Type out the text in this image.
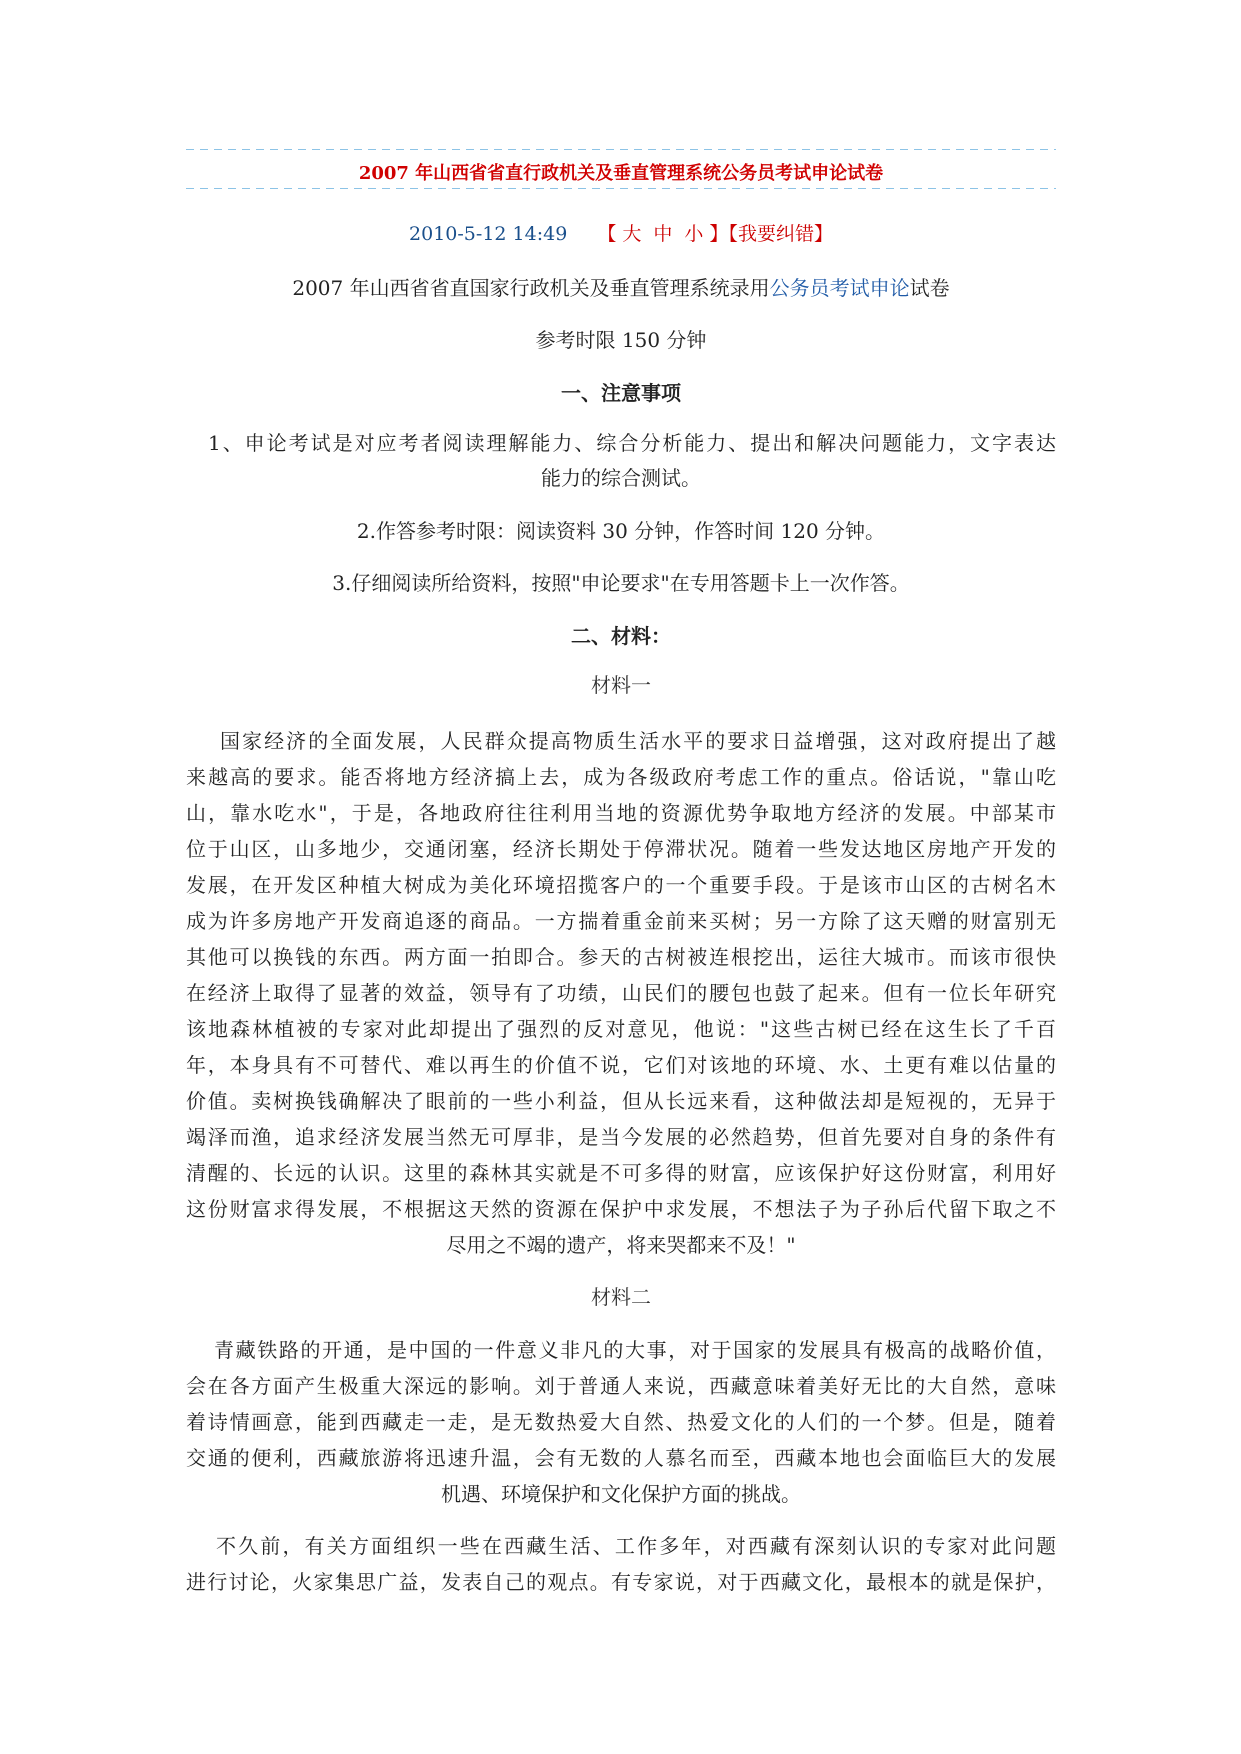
2007 年山西省省直行政机关及垂直管理系统公务员考试申论试卷
2010-5-12 14:49 【 大 中 小 】【我要纠错】
2007 年山西省省直国家行政机关及垂直管理系统录用公务员考试申论试卷
参考时限 150 分钟
一、注意事项
1、申论考试是对应考者阅读理解能力、综合分析能力、提出和解决问题能力，文字表达
能力的综合测试。
2.作答参考时限：阅读资料 30 分钟，作答时间 120 分钟。
3.仔细阅读所给资料，按照"申论要求"在专用答题卡上一次作答。
二、材料：
材料一
国家经济的全面发展，人民群众提高物质生活水平的要求日益增强，这对政府提出了越
来越高的要求。能否将地方经济搞上去，成为各级政府考虑工作的重点。俗话说，"靠山吃
山，靠水吃水"，于是，各地政府往往利用当地的资源优势争取地方经济的发展。中部某市
位于山区，山多地少，交通闭塞，经济长期处于停滞状况。随着一些发达地区房地产开发的
发展，在开发区种植大树成为美化环境招揽客户的一个重要手段。于是该市山区的古树名木
成为许多房地产开发商追逐的商品。一方揣着重金前来买树；另一方除了这天赠的财富别无
其他可以换钱的东西。两方面一拍即合。参天的古树被连根挖出，运往大城市。而该市很快
在经济上取得了显著的效益，领导有了功绩，山民们的腰包也鼓了起来。但有一位长年研究
该地森林植被的专家对此却提出了强烈的反对意见，他说："这些古树已经在这生长了千百
年，本身具有不可替代、难以再生的价值不说，它们对该地的环境、水、土更有难以估量的
价值。卖树换钱确解决了眼前的一些小利益，但从长远来看，这种做法却是短视的，无异于
竭泽而渔，追求经济发展当然无可厚非，是当今发展的必然趋势，但首先要对自身的条件有
清醒的、长远的认识。这里的森林其实就是不可多得的财富，应该保护好这份财富，利用好
这份财富求得发展，不根据这天然的资源在保护中求发展，不想法子为子孙后代留下取之不
尽用之不竭的遗产，将来哭都来不及！"
材料二
青藏铁路的开通，是中国的一件意义非凡的大事，对于国家的发展具有极高的战略价值，
会在各方面产生极重大深远的影响。刘于普通人来说，西藏意味着美好无比的大自然，意味
着诗情画意，能到西藏走一走，是无数热爱大自然、热爱文化的人们的一个梦。但是，随着
交通的便利，西藏旅游将迅速升温，会有无数的人慕名而至，西藏本地也会面临巨大的发展
机遇、环境保护和文化保护方面的挑战。
不久前，有关方面组织一些在西藏生活、工作多年，对西藏有深刻认识的专家对此问题
进行讨论，火家集思广益，发表自己的观点。有专家说，对于西藏文化，最根本的就是保护，
